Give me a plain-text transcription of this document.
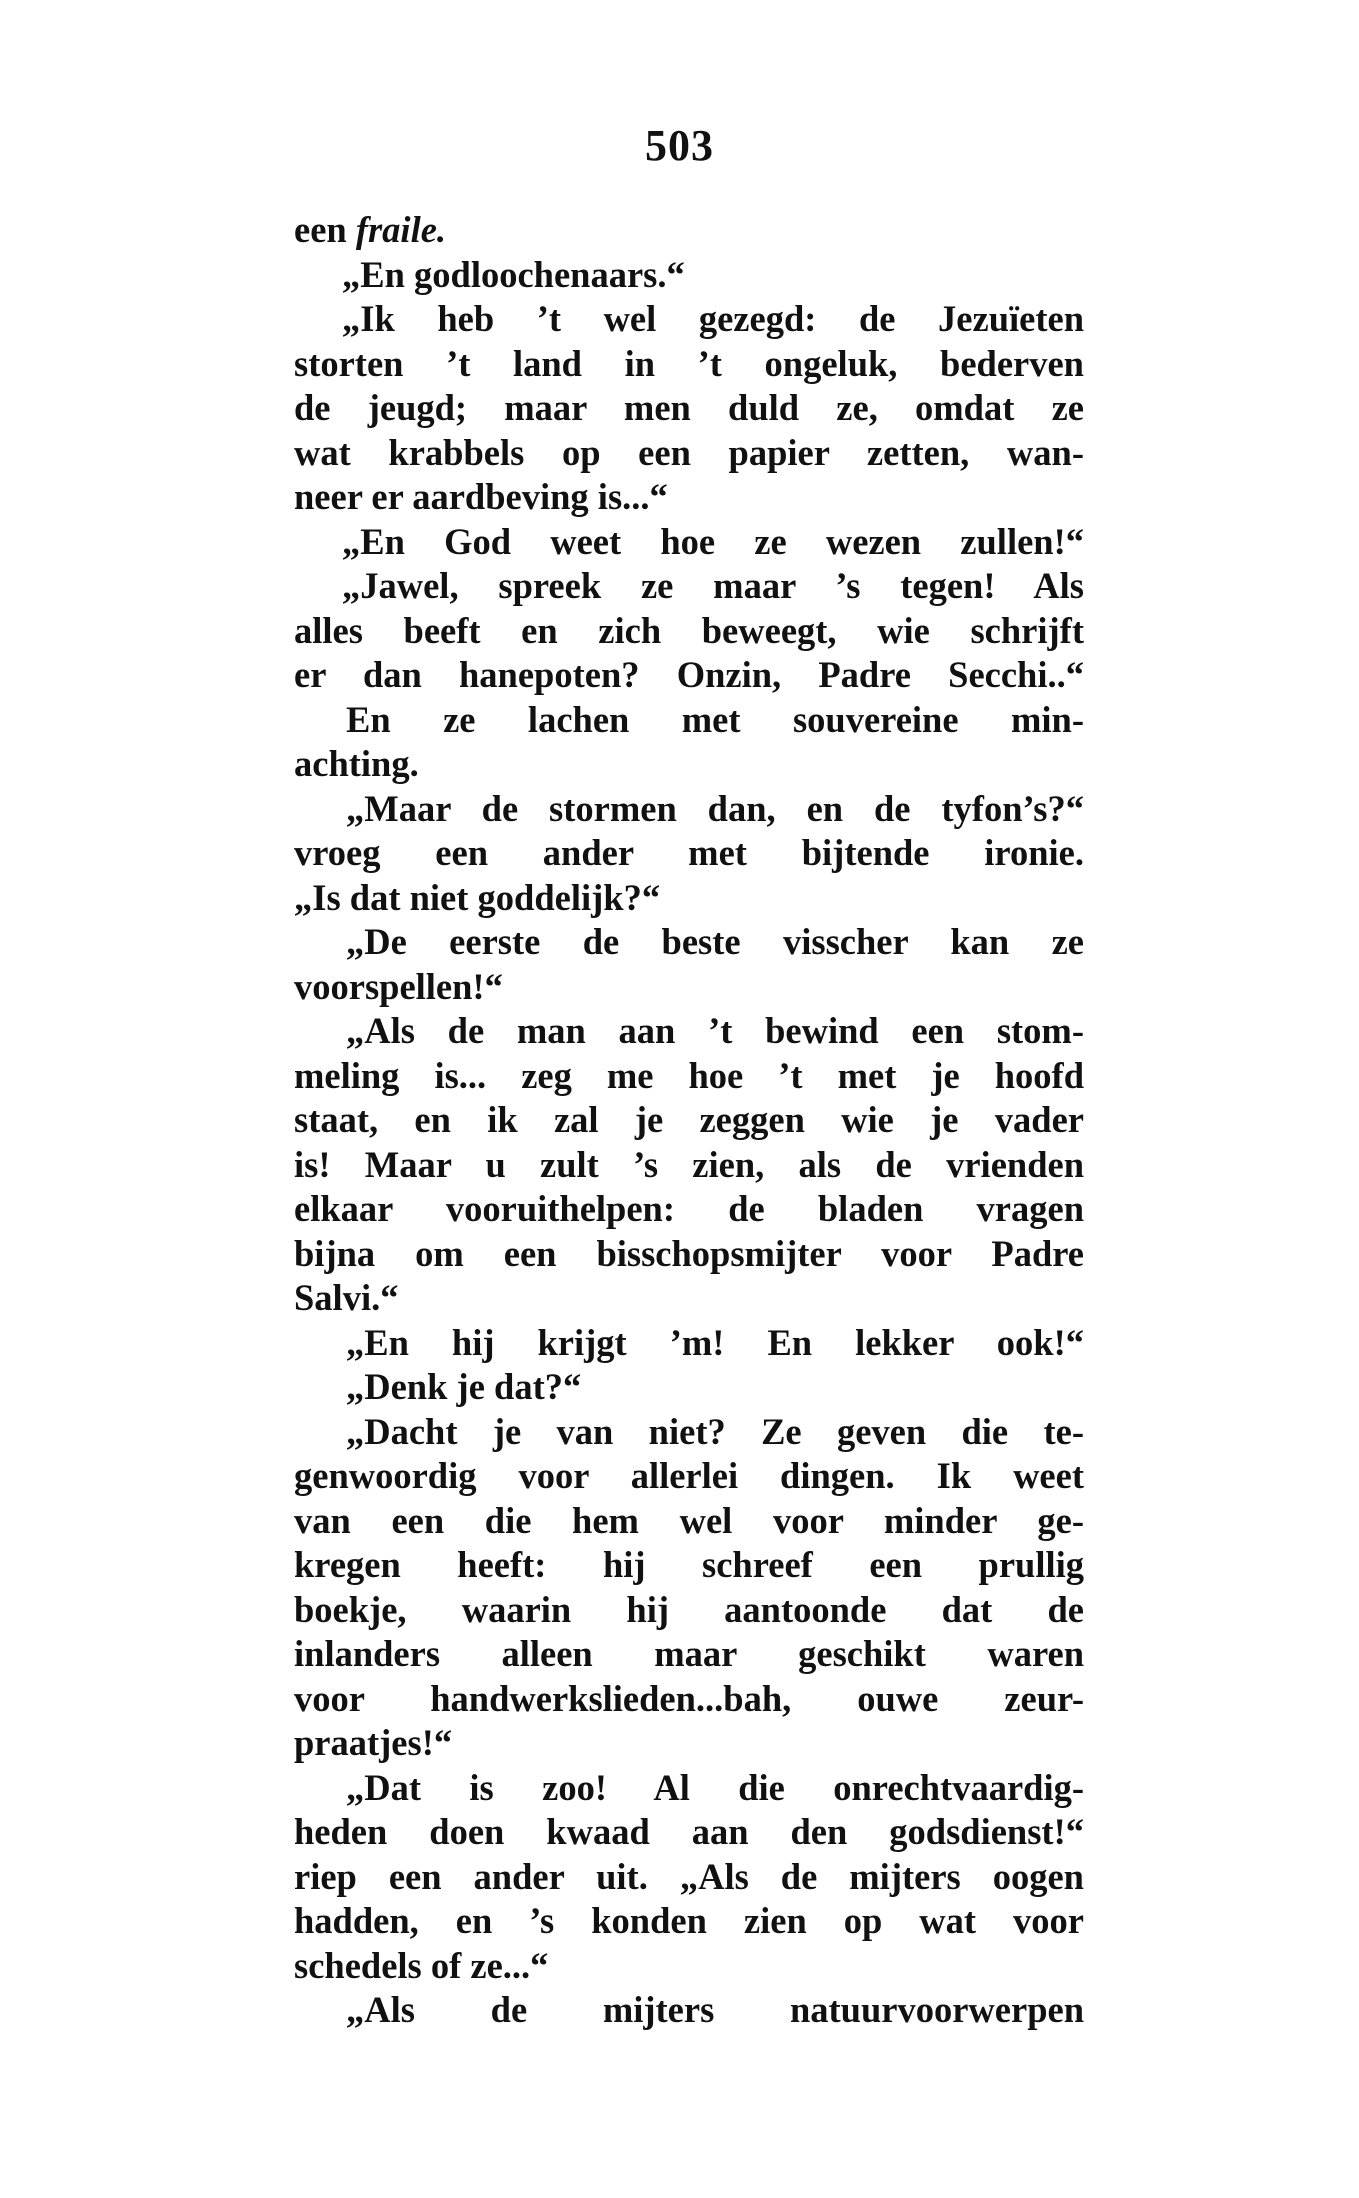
503
een fraile.
„En godloochenaars.“
„Ik heb ’t wel gezegd: de Jezuïeten
storten ’t land in ’t ongeluk, bederven
de jeugd; maar men duld ze, omdat ze
wat krabbels op een papier zetten, wan-
neer er aardbeving is...“
„En God weet hoe ze wezen zullen!“
„Jawel, spreek ze maar ’s tegen! Als
alles beeft en zich beweegt, wie schrijft
er dan hanepoten? Onzin, Padre Secchi..“
En ze lachen met souvereine min-
achting.
„Maar de stormen dan, en de tyfon’s?“
vroeg een ander met bijtende ironie.
„Is dat niet goddelijk?“
„De eerste de beste visscher kan ze
voorspellen!“
„Als de man aan ’t bewind een stom-
meling is... zeg me hoe ’t met je hoofd
staat, en ik zal je zeggen wie je vader
is! Maar u zult ’s zien, als de vrienden
elkaar vooruithelpen: de bladen vragen
bijna om een bisschopsmijter voor Padre
Salvi.“
„En hij krijgt ’m! En lekker ook!“
„Denk je dat?“
„Dacht je van niet? Ze geven die te-
genwoordig voor allerlei dingen. Ik weet
van een die hem wel voor minder ge-
kregen heeft: hij schreef een prullig
boekje, waarin hij aantoonde dat de
inlanders alleen maar geschikt waren
voor handwerkslieden...bah, ouwe zeur-
praatjes!“
„Dat is zoo! Al die onrechtvaardig-
heden doen kwaad aan den godsdienst!“
riep een ander uit. „Als de mijters oogen
hadden, en ’s konden zien op wat voor
schedels of ze...“
„Als de mijters natuurvoorwerpen
